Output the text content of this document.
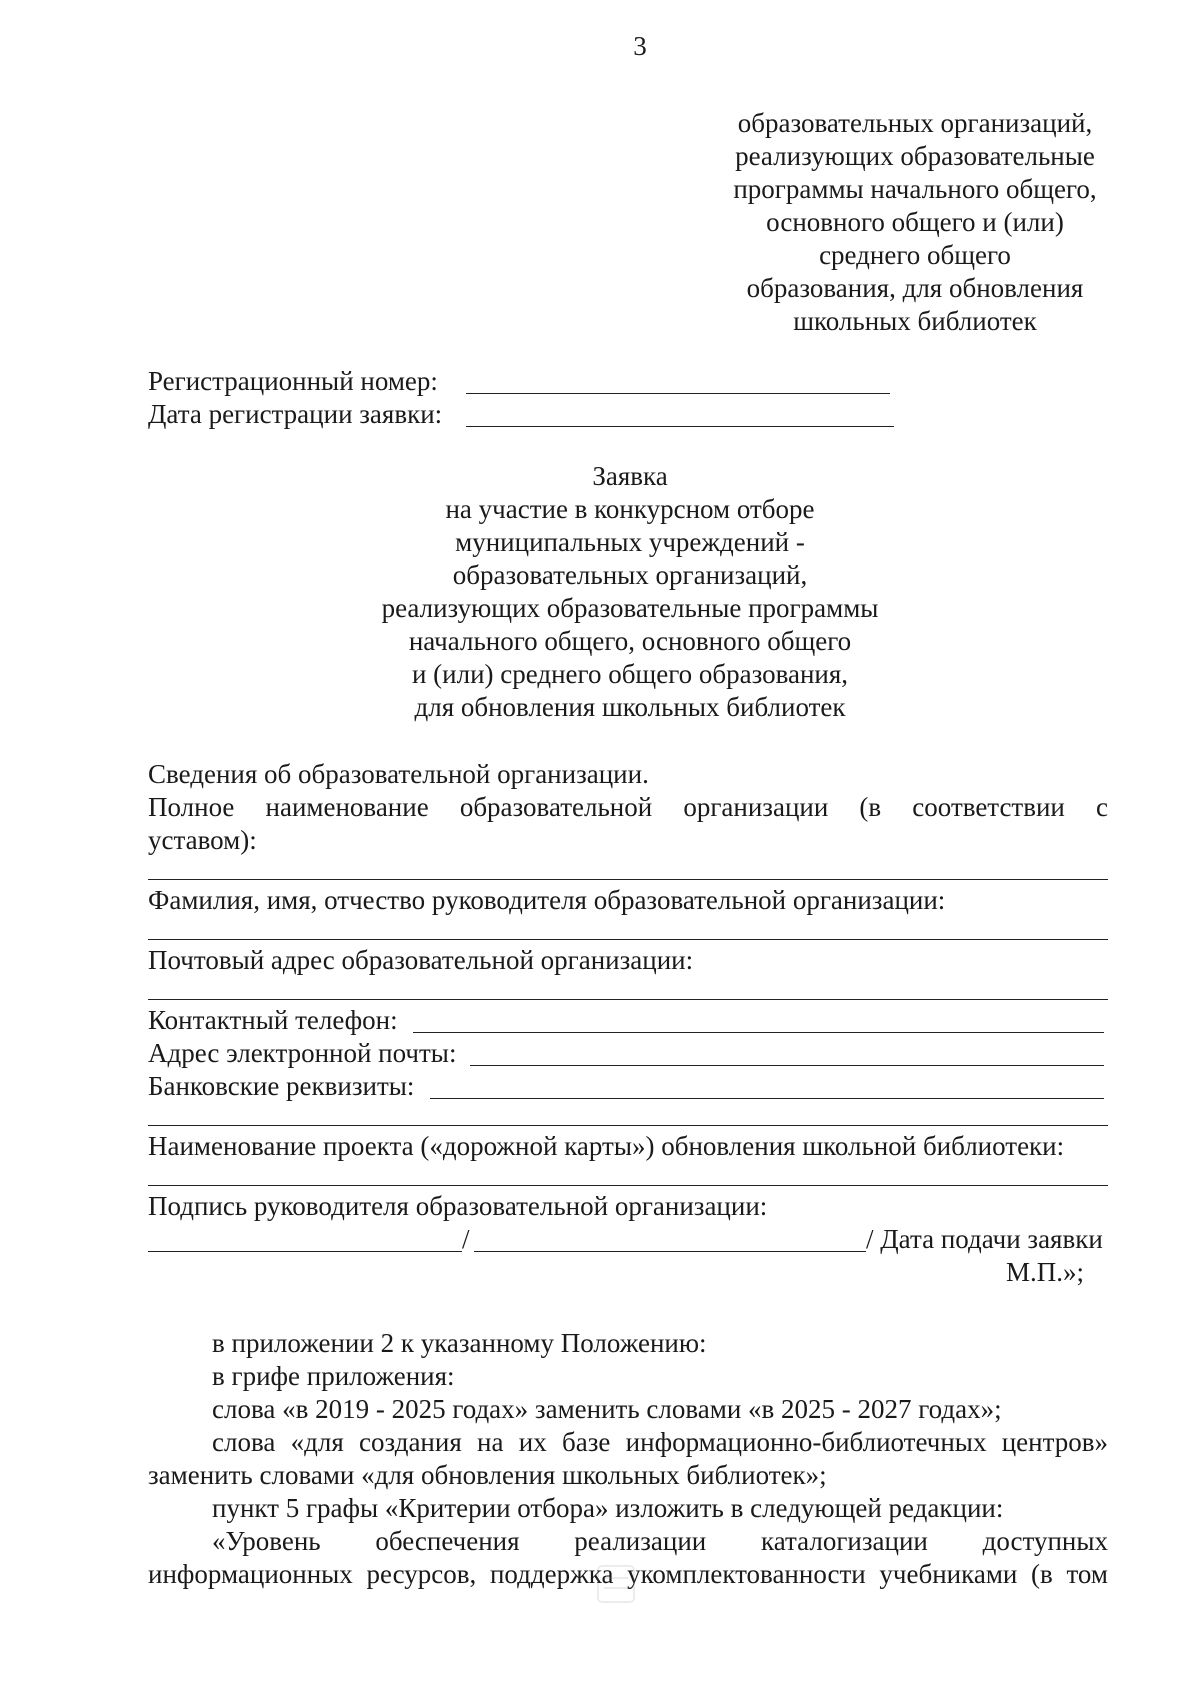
3
образовательных организаций,
реализующих образовательные
программы начального общего,
основного общего и (или)
среднего общего
образования, для обновления
школьных библиотек
Регистрационный номер:
Дата регистрации заявки:
Заявка
на участие в конкурсном отборе
муниципальных учреждений -
образовательных организаций,
реализующих образовательные программы
начального общего, основного общего
и (или) среднего общего образования,
для обновления школьных библиотек
Сведения об образовательной организации.
Полное наименование образовательной организации (в соответствии с
уставом):
Фамилия, имя, отчество руководителя образовательной организации:
Почтовый адрес образовательной организации:
Контактный телефон:
Адрес электронной почты:
Банковские реквизиты:
Наименование проекта («дорожной карты») обновления школьной библиотеки:
Подпись руководителя образовательной организации:
/	/ Дата подачи заявки
М.П.»;
в приложении 2 к указанному Положению:
в грифе приложения:
слова «в 2019 - 2025 годах» заменить словами «в 2025 - 2027 годах»;
слова «для создания на их базе информационно-библиотечных центров»
заменить словами «для обновления школьных библиотек»;
пункт 5 графы «Критерии отбора» изложить в следующей редакции:
«Уровень обеспечения реализации каталогизации доступных
информационных ресурсов, поддержка укомплектованности учебниками (в том
